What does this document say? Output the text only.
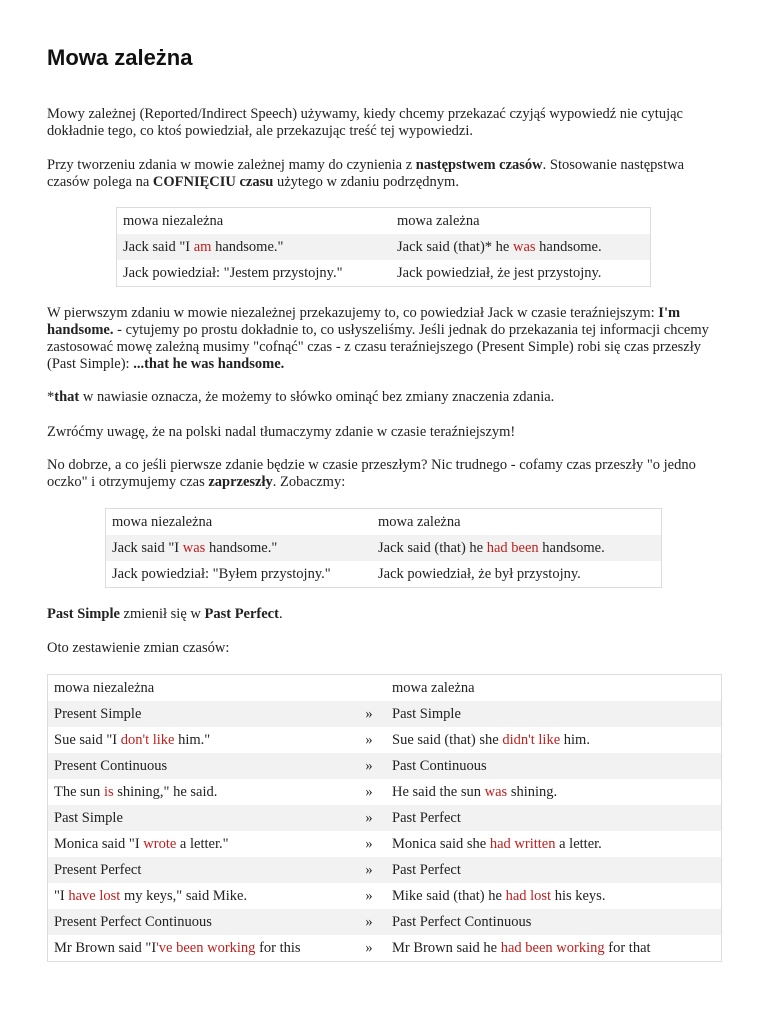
Mowa zależna

Mowy zależnej (Reported/Indirect Speech) używamy, kiedy chcemy przekazać czyjąś wypowiedź nie cytując dokładnie tego, co ktoś powiedział, ale przekazując treść tej wypowiedzi.

Przy tworzeniu zdania w mowie zależnej mamy do czynienia z następstwem czasów. Stosowanie następstwa czasów polega na COFNIĘCIU czasu użytego w zdaniu podrzędnym.

mowa niezależna	mowa zależna
Jack said "I am handsome."	Jack said (that)* he was handsome.
Jack powiedział: "Jestem przystojny."	Jack powiedział, że jest przystojny.

W pierwszym zdaniu w mowie niezależnej przekazujemy to, co powiedział Jack w czasie teraźniejszym: I'm handsome. - cytujemy po prostu dokładnie to, co usłyszeliśmy. Jeśli jednak do przekazania tej informacji chcemy zastosować mowę zależną musimy "cofnąć" czas - z czasu teraźniejszego (Present Simple) robi się czas przeszły (Past Simple): ...that he was handsome.

*that w nawiasie oznacza, że możemy to słówko ominąć bez zmiany znaczenia zdania.

Zwróćmy uwagę, że na polski nadal tłumaczymy zdanie w czasie teraźniejszym!

No dobrze, a co jeśli pierwsze zdanie będzie w czasie przeszłym? Nic trudnego - cofamy czas przeszły "o jedno oczko" i otrzymujemy czas zaprzeszły. Zobaczmy:

mowa niezależna	mowa zależna
Jack said "I was handsome."	Jack said (that) he had been handsome.
Jack powiedział: "Byłem przystojny."	Jack powiedział, że był przystojny.

Past Simple zmienił się w Past Perfect.

Oto zestawienie zmian czasów:

mowa niezależna		mowa zależna
Present Simple	»	Past Simple
Sue said "I don't like him."	»	Sue said (that) she didn't like him.
Present Continuous	»	Past Continuous
The sun is shining," he said.	»	He said the sun was shining.
Past Simple	»	Past Perfect
Monica said "I wrote a letter."	»	Monica said she had written a letter.
Present Perfect	»	Past Perfect
"I have lost my keys," said Mike.	»	Mike said (that) he had lost his keys.
Present Perfect Continuous	»	Past Perfect Continuous
Mr Brown said "I've been working for this	»	Mr Brown said he had been working for that
